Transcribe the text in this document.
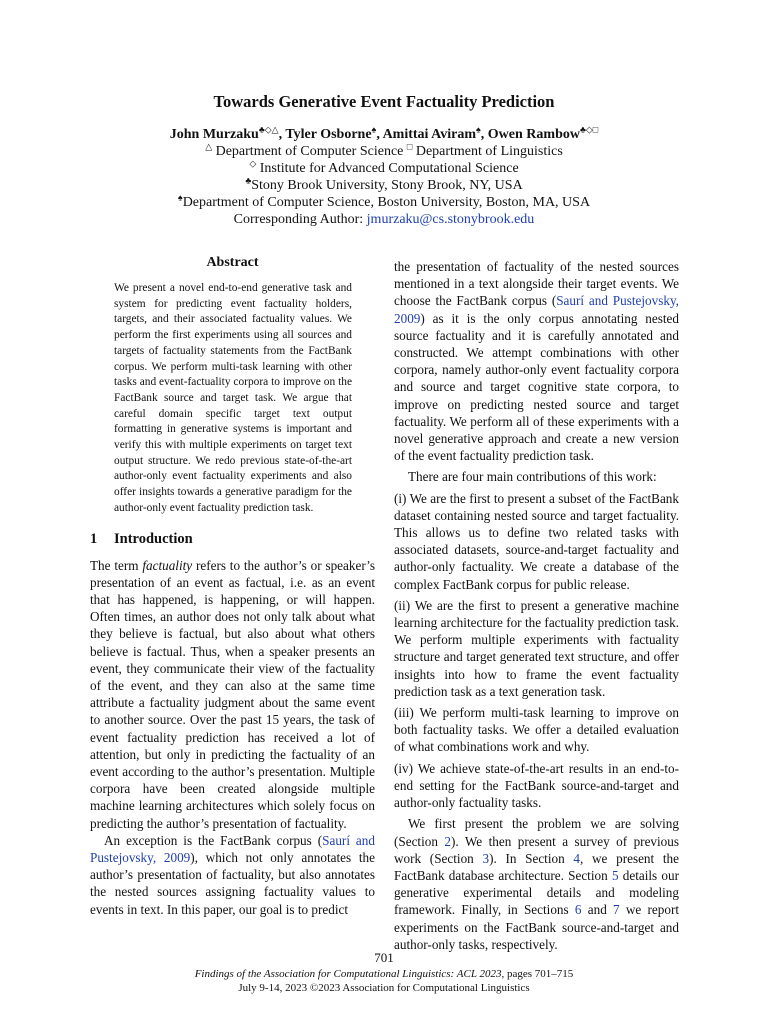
Towards Generative Event Factuality Prediction
John Murzaku♣◇△, Tyler Osborne♠, Amittai Aviram♠, Owen Rambow♣◇□
△ Department of Computer Science □ Department of Linguistics
◇ Institute for Advanced Computational Science
♣Stony Brook University, Stony Brook, NY, USA
♠Department of Computer Science, Boston University, Boston, MA, USA
Corresponding Author: jmurzaku@cs.stonybrook.edu
Abstract
We present a novel end-to-end generative task and system for predicting event factuality holders, targets, and their associated factuality values. We perform the first experiments using all sources and targets of factuality statements from the FactBank corpus. We perform multi-task learning with other tasks and event-factuality corpora to improve on the FactBank source and target task. We argue that careful domain specific target text output formatting in generative systems is important and verify this with multiple experiments on target text output structure. We redo previous state-of-the-art author-only event factuality experiments and also offer insights towards a generative paradigm for the author-only event factuality prediction task.
1 Introduction

The term factuality refers to the author’s or speaker’s presentation of an event as factual, i.e. as an event that has happened, is happening, or will happen. Often times, an author does not only talk about what they believe is factual, but also about what others believe is factual. Thus, when a speaker presents an event, they communicate their view of the factuality of the event, and they can also at the same time attribute a factuality judgment about the same event to another source. Over the past 15 years, the task of event factuality prediction has received a lot of attention, but only in predicting the factuality of an event according to the author’s presentation. Multiple corpora have been created alongside multiple machine learning architectures which solely focus on predicting the author’s presentation of factuality.

An exception is the FactBank corpus (Saurí and Pustejovsky, 2009), which not only annotates the author’s presentation of factuality, but also annotates the nested sources assigning factuality values to events in text. In this paper, our goal is to predict

the presentation of factuality of the nested sources mentioned in a text alongside their target events. We choose the FactBank corpus (Saurí and Pustejovsky, 2009) as it is the only corpus annotating nested source factuality and it is carefully annotated and constructed. We attempt combinations with other corpora, namely author-only event factuality corpora and source and target cognitive state corpora, to improve on predicting nested source and target factuality. We perform all of these experiments with a novel generative approach and create a new version of the event factuality prediction task.

There are four main contributions of this work:

(i) We are the first to present a subset of the FactBank dataset containing nested source and target factuality. This allows us to define two related tasks with associated datasets, source-and-target factuality and author-only factuality. We create a database of the complex FactBank corpus for public release.

(ii) We are the first to present a generative machine learning architecture for the factuality prediction task. We perform multiple experiments with factuality structure and target generated text structure, and offer insights into how to frame the event factuality prediction task as a text generation task.

(iii) We perform multi-task learning to improve on both factuality tasks. We offer a detailed evaluation of what combinations work and why.

(iv) We achieve state-of-the-art results in an end-to-end setting for the FactBank source-and-target and author-only factuality tasks.

We first present the problem we are solving (Section 2). We then present a survey of previous work (Section 3). In Section 4, we present the FactBank database architecture. Section 5 details our generative experimental details and modeling framework. Finally, in Sections 6 and 7 we report experiments on the FactBank source-and-target and author-only tasks, respectively.

701
Findings of the Association for Computational Linguistics: ACL 2023, pages 701–715
July 9-14, 2023 ©2023 Association for Computational Linguistics
